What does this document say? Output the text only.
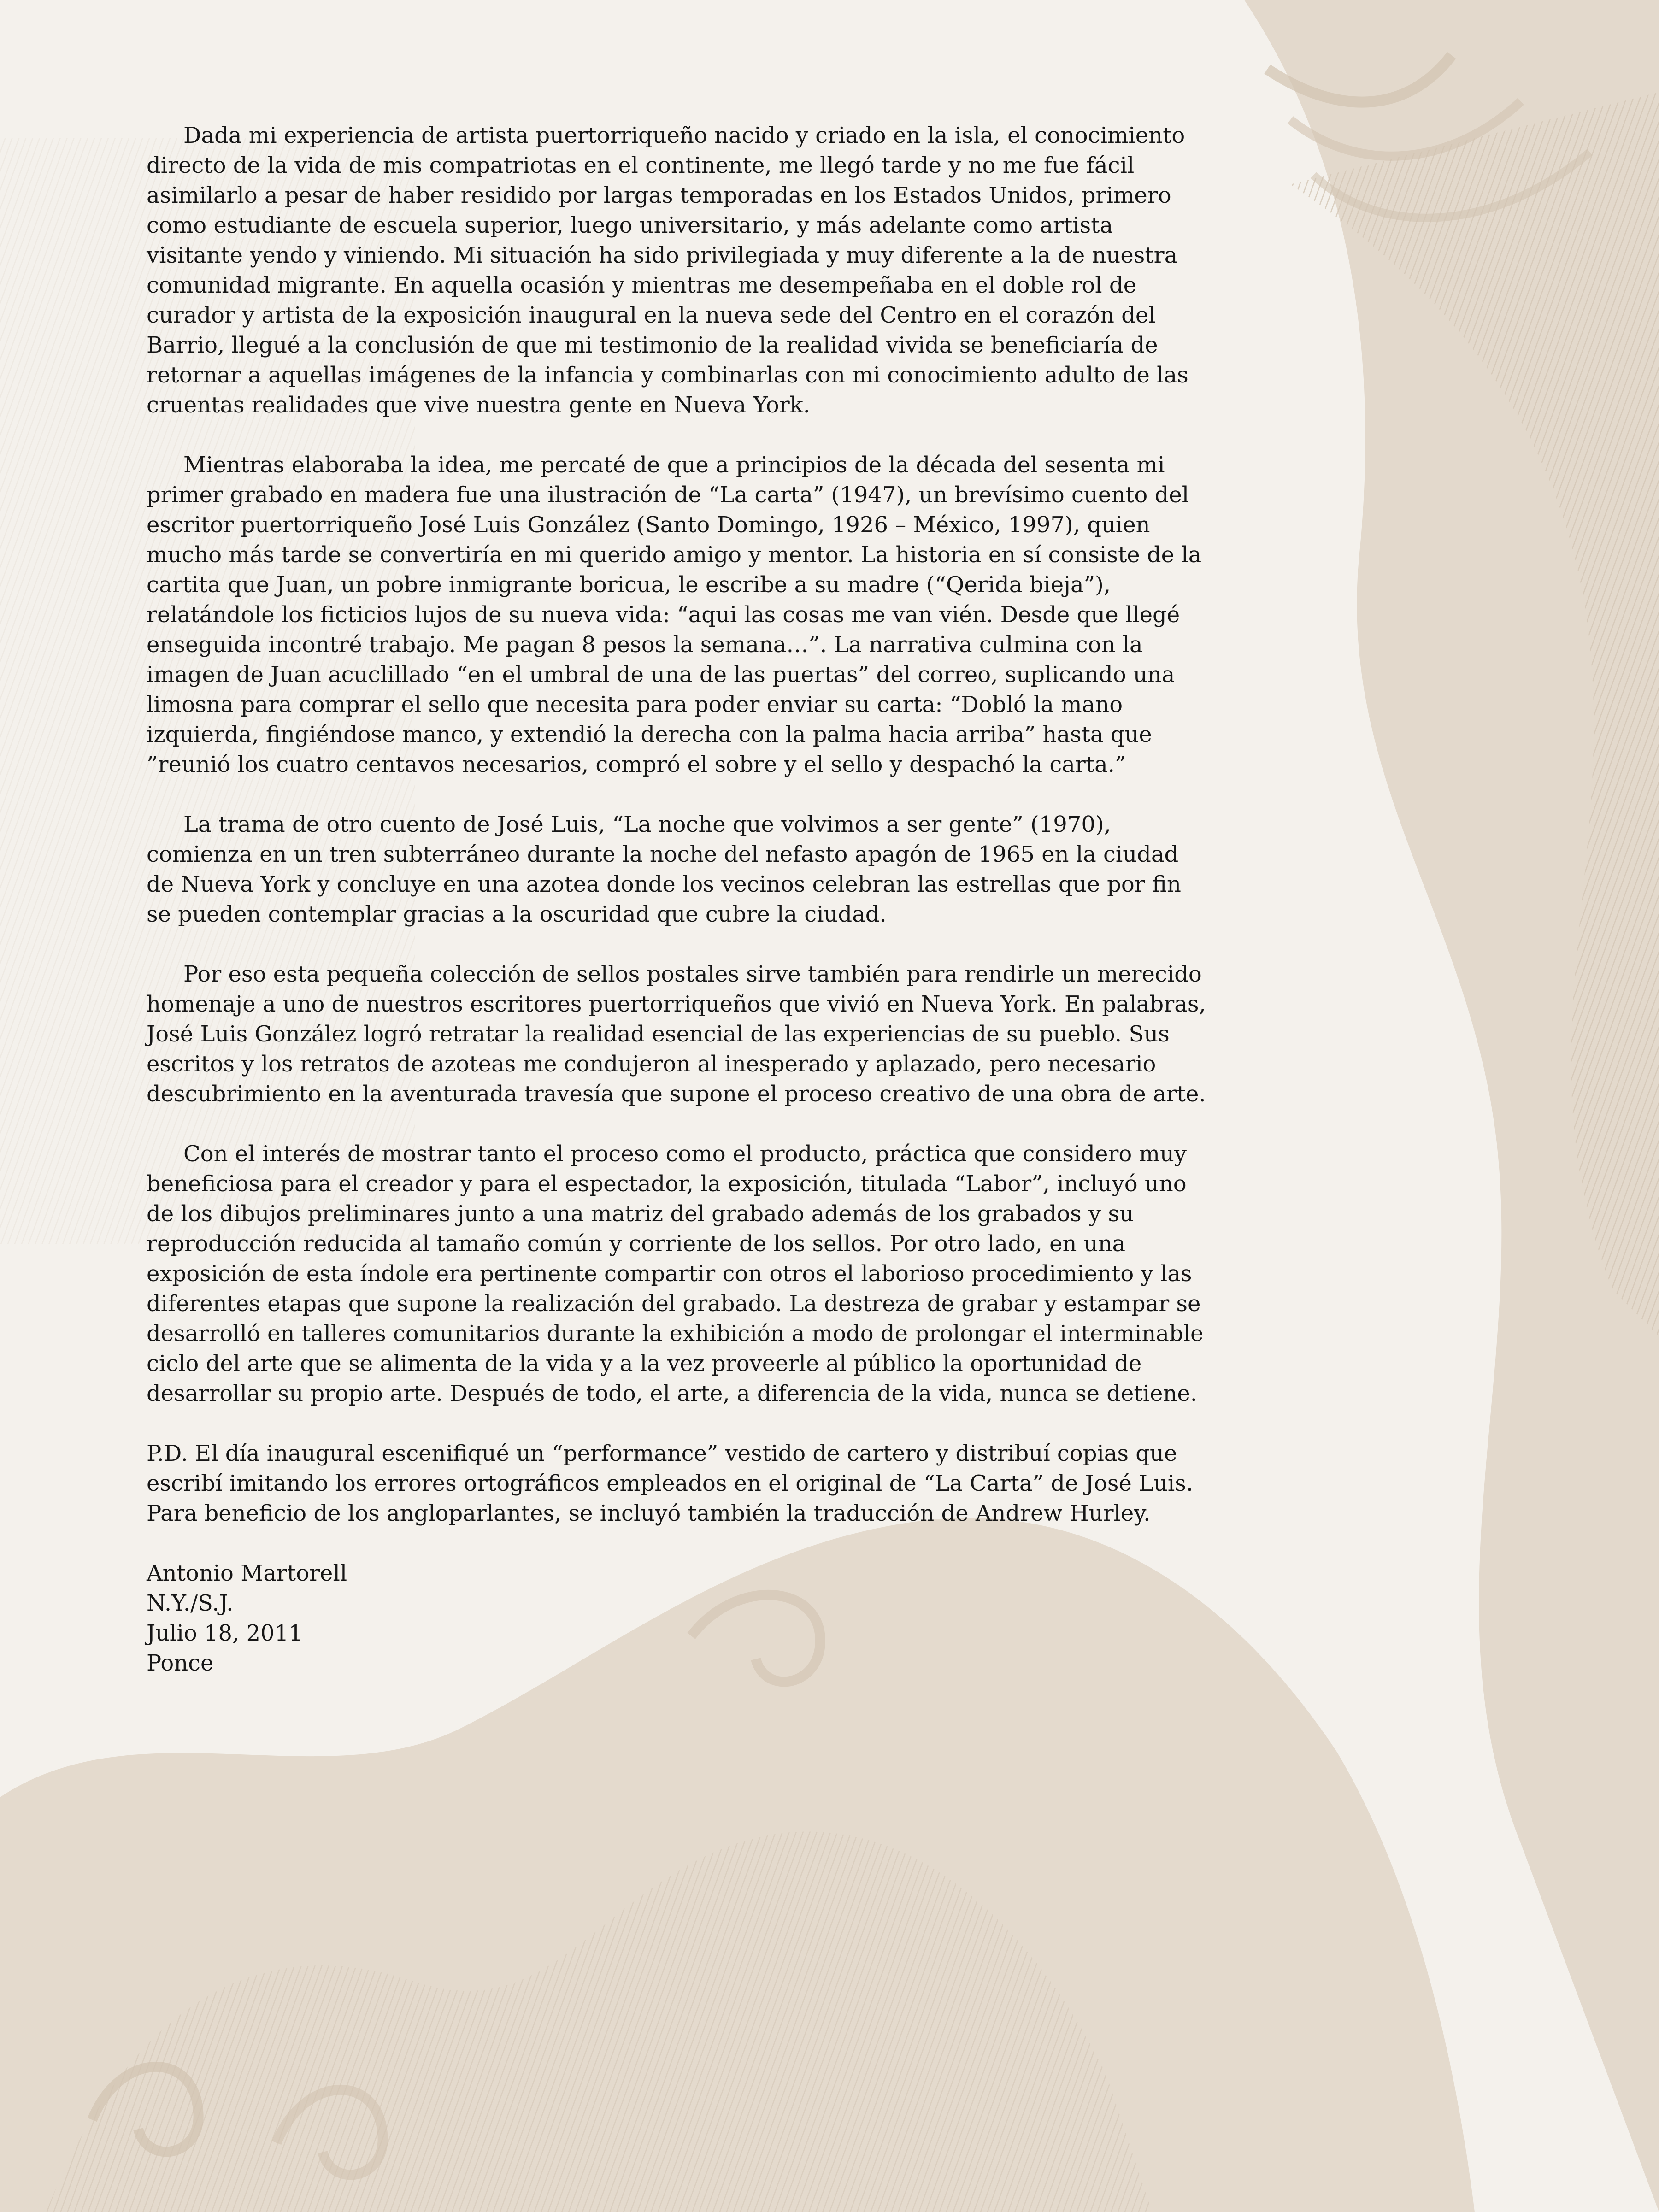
Dada mi experiencia de artista puertorriqueño nacido y criado en la isla, el conocimiento directo de la vida de mis compatriotas en el continente, me llegó tarde y no me fue fácil asimilarlo a pesar de haber residido por largas temporadas en los Estados Unidos, primero como estudiante de escuela superior, luego universitario, y más adelante como artista visitante yendo y viniendo. Mi situación ha sido privilegiada y muy diferente a la de nuestra comunidad migrante. En aquella ocasión y mientras me desempeñaba en el doble rol de curador y artista de la exposición inaugural en la nueva sede del Centro en el corazón del Barrio, llegué a la conclusión de que mi testimonio de la realidad vivida se beneficiaría de retornar a aquellas imágenes de la infancia y combinarlas con mi conocimiento adulto de las cruentas realidades que vive nuestra gente en Nueva York.

Mientras elaboraba la idea, me percaté de que a principios de la década del sesenta mi primer grabado en madera fue una ilustración de “La carta” (1947), un brevísimo cuento del escritor puertorriqueño José Luis González (Santo Domingo, 1926 – México, 1997), quien mucho más tarde se convertiría en mi querido amigo y mentor. La historia en sí consiste de la cartita que Juan, un pobre inmigrante boricua, le escribe a su madre (“Qerida bieja”), relatándole los ficticios lujos de su nueva vida: “aqui las cosas me van vién. Desde que llegé enseguida incontré trabajo. Me pagan 8 pesos la semana…”. La narrativa culmina con la imagen de Juan acuclillado “en el umbral de una de las puertas” del correo, suplicando una limosna para comprar el sello que necesita para poder enviar su carta: “Dobló la mano izquierda, fingiéndose manco, y extendió la derecha con la palma hacia arriba” hasta que ”reunió los cuatro centavos necesarios, compró el sobre y el sello y despachó la carta.”

La trama de otro cuento de José Luis, “La noche que volvimos a ser gente” (1970), comienza en un tren subterráneo durante la noche del nefasto apagón de 1965 en la ciudad de Nueva York y concluye en una azotea donde los vecinos celebran las estrellas que por fin se pueden contemplar gracias a la oscuridad que cubre la ciudad.

Por eso esta pequeña colección de sellos postales sirve también para rendirle un merecido homenaje a uno de nuestros escritores puertorriqueños que vivió en Nueva York. En palabras, José Luis González logró retratar la realidad esencial de las experiencias de su pueblo. Sus escritos y los retratos de azoteas me condujeron al inesperado y aplazado, pero necesario descubrimiento en la aventurada travesía que supone el proceso creativo de una obra de arte.

Con el interés de mostrar tanto el proceso como el producto, práctica que considero muy beneficiosa para el creador y para el espectador, la exposición, titulada “Labor”, incluyó uno de los dibujos preliminares junto a una matriz del grabado además de los grabados y su reproducción reducida al tamaño común y corriente de los sellos. Por otro lado, en una exposición de esta índole era pertinente compartir con otros el laborioso procedimiento y las diferentes etapas que supone la realización del grabado. La destreza de grabar y estampar se desarrolló en talleres comunitarios durante la exhibición a modo de prolongar el interminable ciclo del arte que se alimenta de la vida y a la vez proveerle al público la oportunidad de desarrollar su propio arte. Después de todo, el arte, a diferencia de la vida, nunca se detiene.

P.D. El día inaugural escenifiqué un “performance” vestido de cartero y distribuí copias que escribí imitando los errores ortográficos empleados en el original de “La Carta” de José Luis. Para beneficio de los angloparlantes, se incluyó también la traducción de Andrew Hurley.

Antonio Martorell
N.Y./S.J.
Julio 18, 2011
Ponce
